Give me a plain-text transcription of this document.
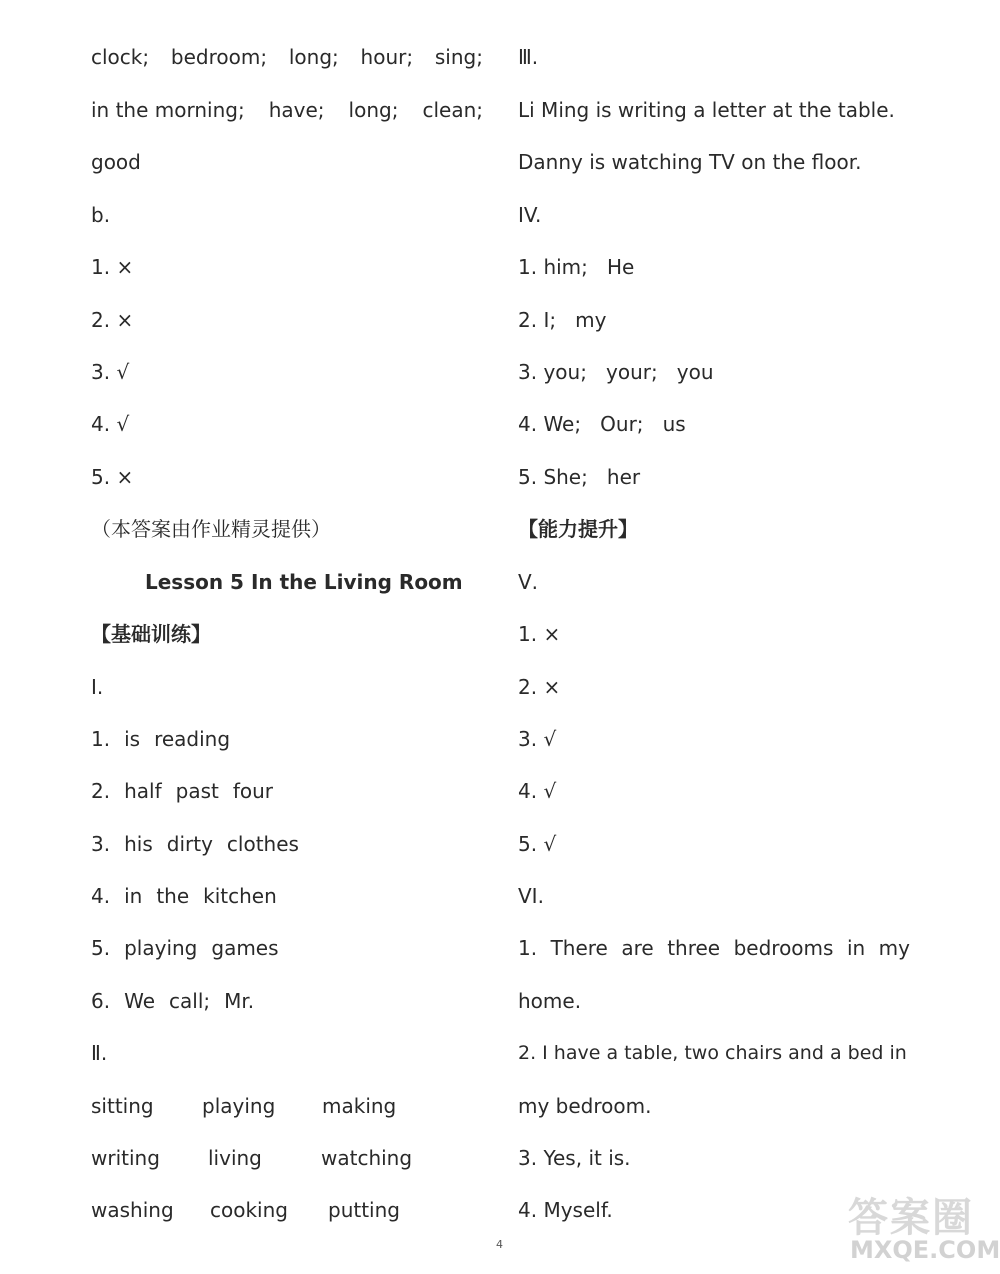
clock; bedroom; long; hour; sing;
in the morning; have; long; clean;
good
b.
1. ×
2. ×
3. √
4. √
5. ×
（本答案由作业精灵提供）
Lesson 5 In the Living Room
【基础训练】
Ⅰ.
1. is reading
2. half past four
3. his dirty clothes
4. in the kitchen
5. playing games
6. We call; Mr.
Ⅱ.
sitting playing making
writing living	watching
washing cooking putting
Ⅲ.
Li Ming is writing a letter at the table.
Danny is watching TV on the floor.
IV.
1. him;   He
2. I;   my
3. you;   your;   you
4. We;   Our;   us
5. She;   her
【能力提升】
Ⅴ.
1. ×
2. ×
3. √
4. √
5. √
VI.
1. There are three bedrooms in my
home.
2. I have a table, two chairs and a bed in
my bedroom.
3. Yes, it is.
4. Myself.
4
答案圈
MXQE.COM
